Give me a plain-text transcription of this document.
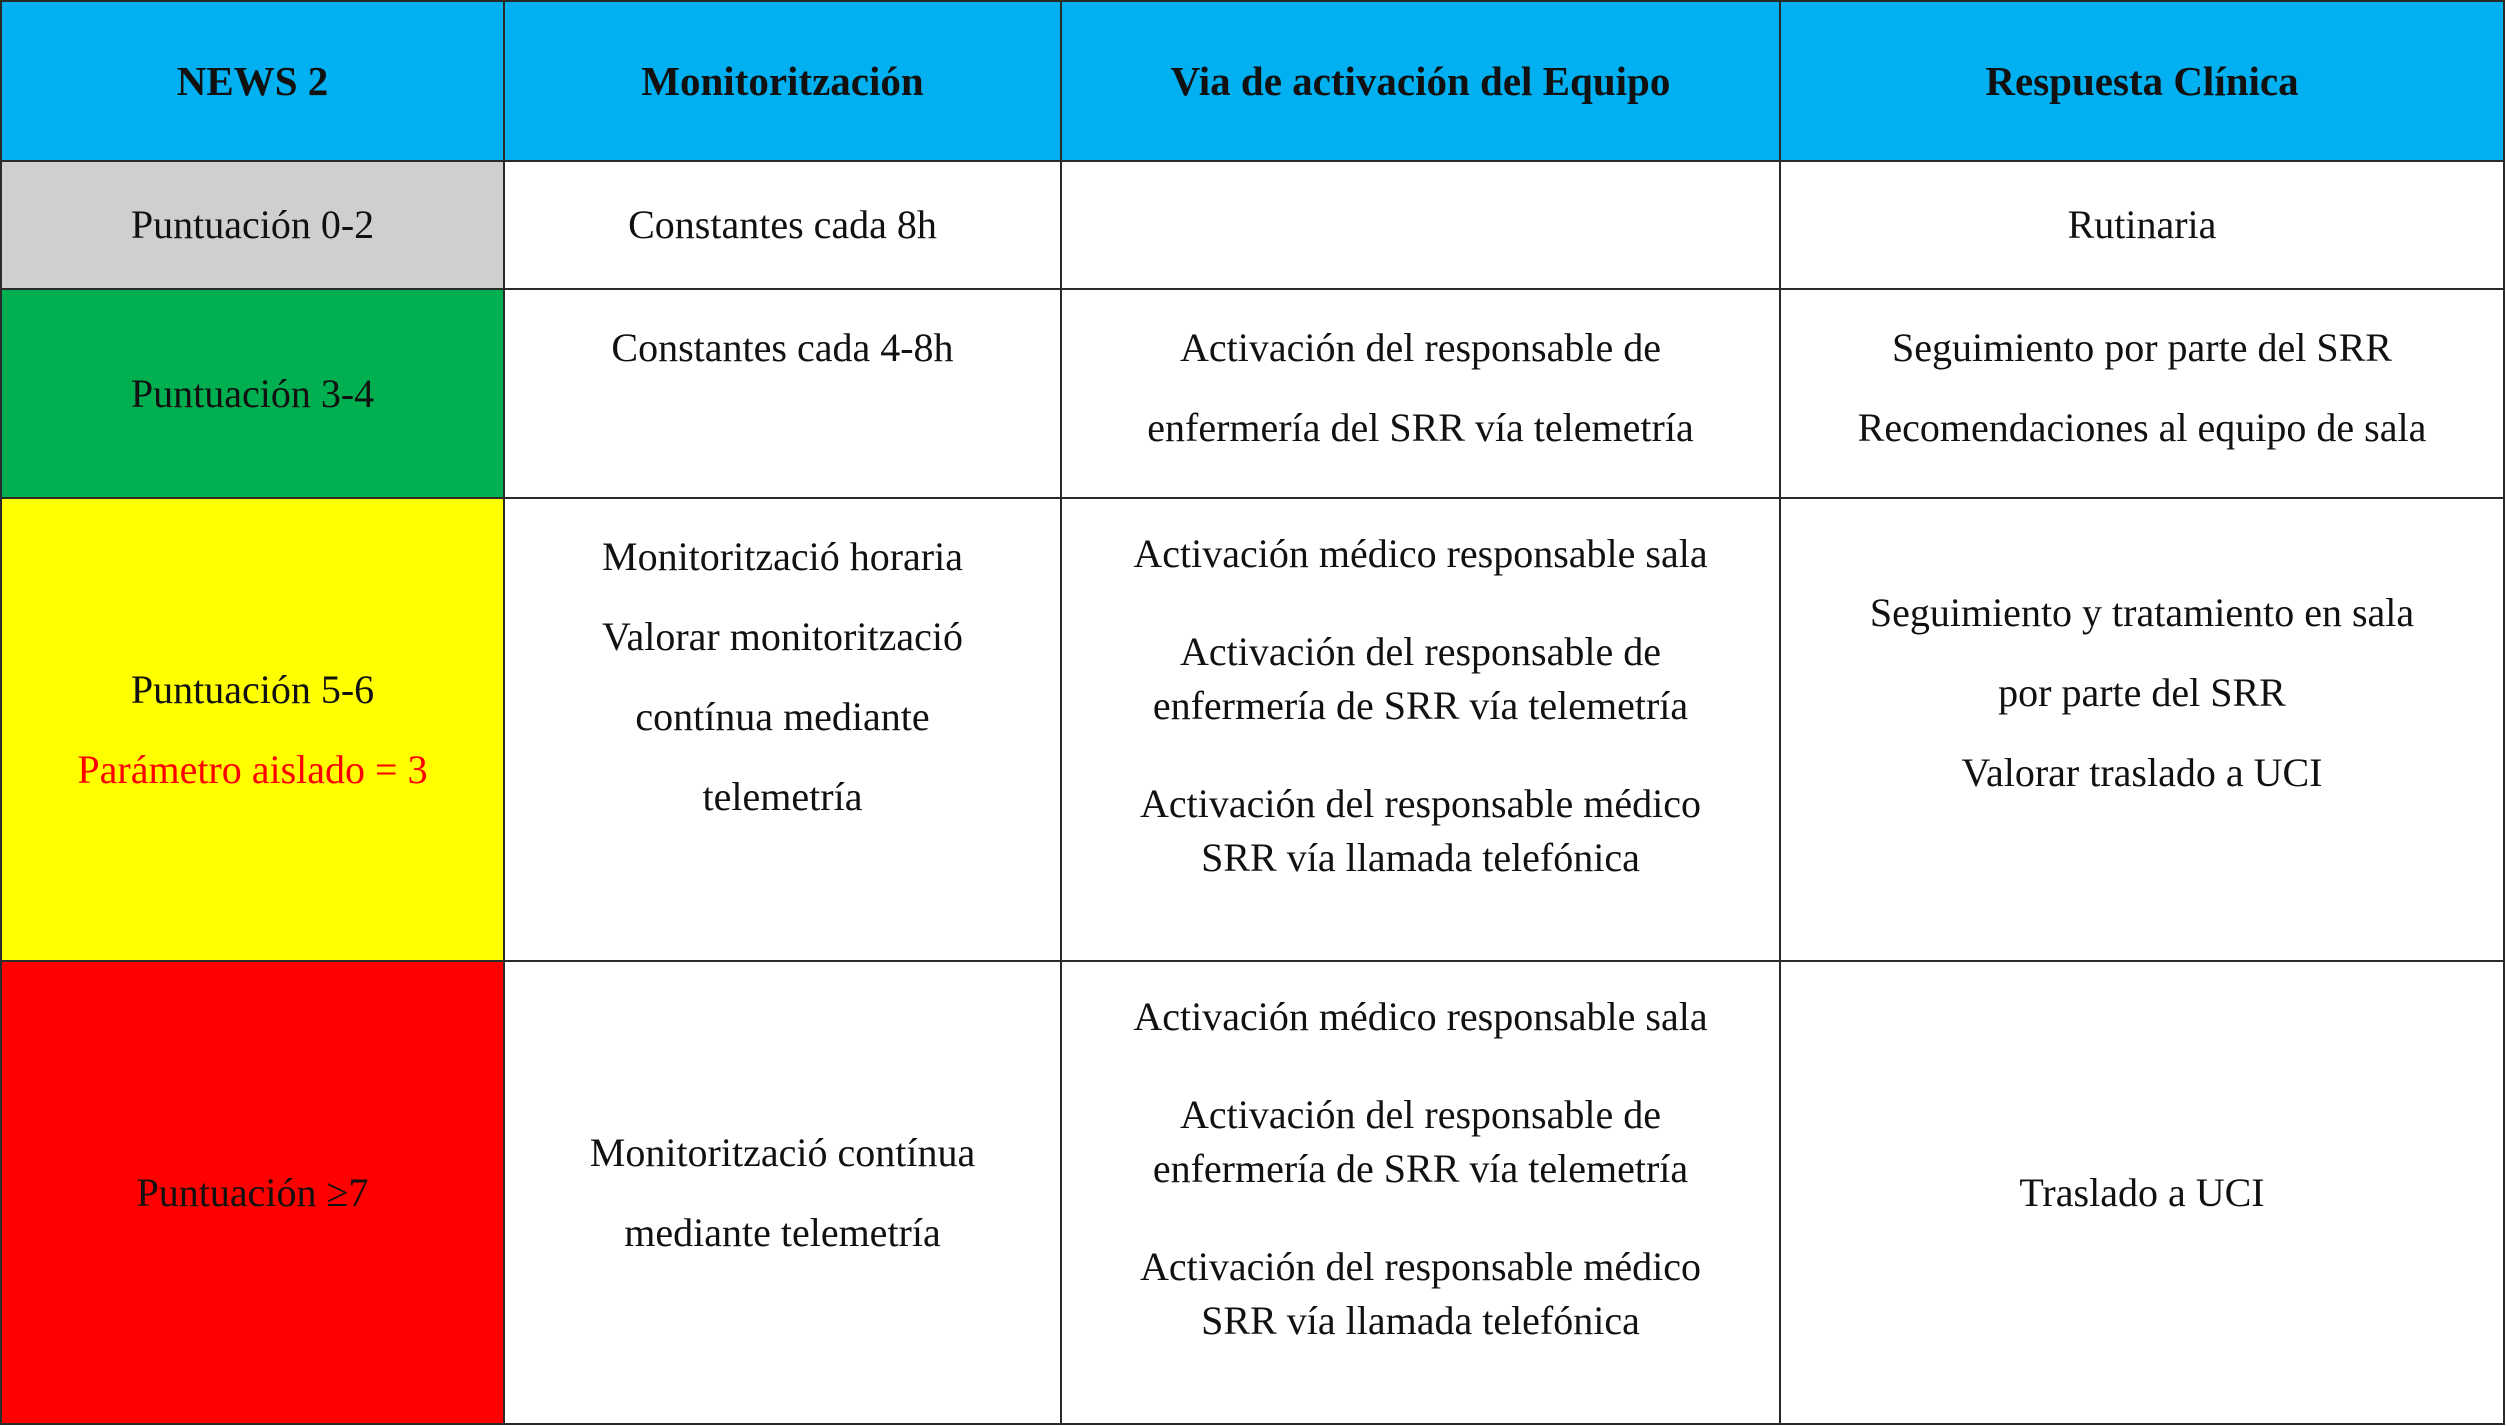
NEWS 2	Monitoritzación	Via de activación del Equipo	Respuesta Clínica

Puntuación 0-2	Constantes cada 8h		Rutinaria

Puntuación 3-4	Constantes cada 4-8h	Activación del responsable de
enfermería del SRR vía telemetría	Seguimiento por parte del SRR
Recomendaciones al equipo de sala

Puntuación 5-6
Parámetro aislado = 3	Monitorització horaria
Valorar monitorització
contínua mediante
telemetría	Activación médico responsable sala
Activación del responsable de
enfermería de SRR vía telemetría
Activación del responsable médico
SRR vía llamada telefónica	Seguimiento y tratamiento en sala
por parte del SRR
Valorar traslado a UCI

Puntuación ≥7	Monitorització contínua
mediante telemetría	Activación médico responsable sala
Activación del responsable de
enfermería de SRR vía telemetría
Activación del responsable médico
SRR vía llamada telefónica	Traslado a UCI
